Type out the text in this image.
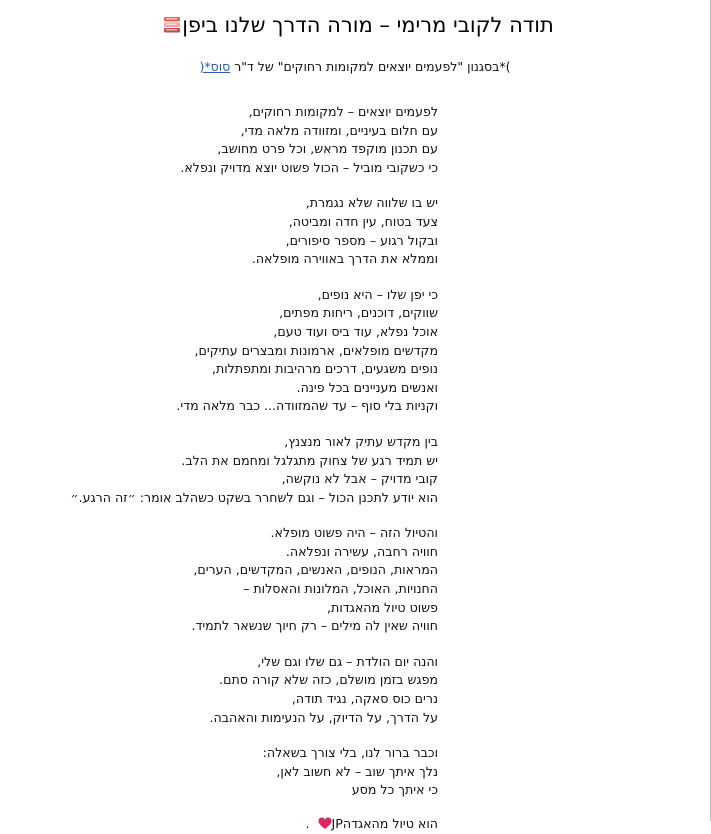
תודה לקובי מרימי – מורה הדרך שלנו ביפן
)*בסגנון "לפעמים יוצאים למקומות רחוקים" של ד"ר סוס*(
לפעמים יוצאים – למקומות רחוקים,
עם חלום בעיניים, ומזוודה מלאה מדי,
עם תכנון מוקפד מראש, וכל פרט מחושב,
כי כשקובי מוביל – הכול פשוט יוצא מדויק ונפלא.
יש בו שלווה שלא נגמרת,
צעד בטוח, עין חדה ומביטה,
ובקול רגוע – מספר סיפורים,
וממלא את הדרך באווירה מופלאה.
כי יפן שלו – היא נופים,
שווקים, דוכנים, ריחות מפתים,
אוכל נפלא, עוד ביס ועוד טעם,
מקדשים מופלאים, ארמונות ומבצרים עתיקים,
נופים משגעים, דרכים מרהיבות ומתפתלות,
ואנשים מעניינים בכל פינה.
וקניות בלי סוף – עד שהמזוודה... כבר מלאה מדי.
בין מקדש עתיק לאור מנצנץ,
יש תמיד רגע של צחוק מתגלגל ומחמם את הלב.
קובי מדויק – אבל לא נוקשה,
הוא יודע לתכנן הכול – וגם לשחרר בשקט כשהלב אומר: ״זה הרגע.״
והטיול הזה – היה פשוט מופלא.
חוויה רחבה, עשירה ונפלאה.
המראות, הנופים, האנשים, המקדשים, הערים,
החנויות, האוכל, המלונות והאסלות –
פשוט טיול מהאגדות,
חוויה שאין לה מילים – רק חיוך שנשאר לתמיד.
והנה יום הולדת – גם שלו וגם שלי,
מפגש בזמן מושלם, כזה שלא קורה סתם.
נרים כוס סאקה, נגיד תודה,
על הדרך, על הדיוק, על הנעימות והאהבה.
וכבר ברור לנו, בלי צורך בשאלה:
נלך איתך שוב – לא חשוב לאן,
כי איתך כל מסע
הוא טיול מהאגדהJP.
